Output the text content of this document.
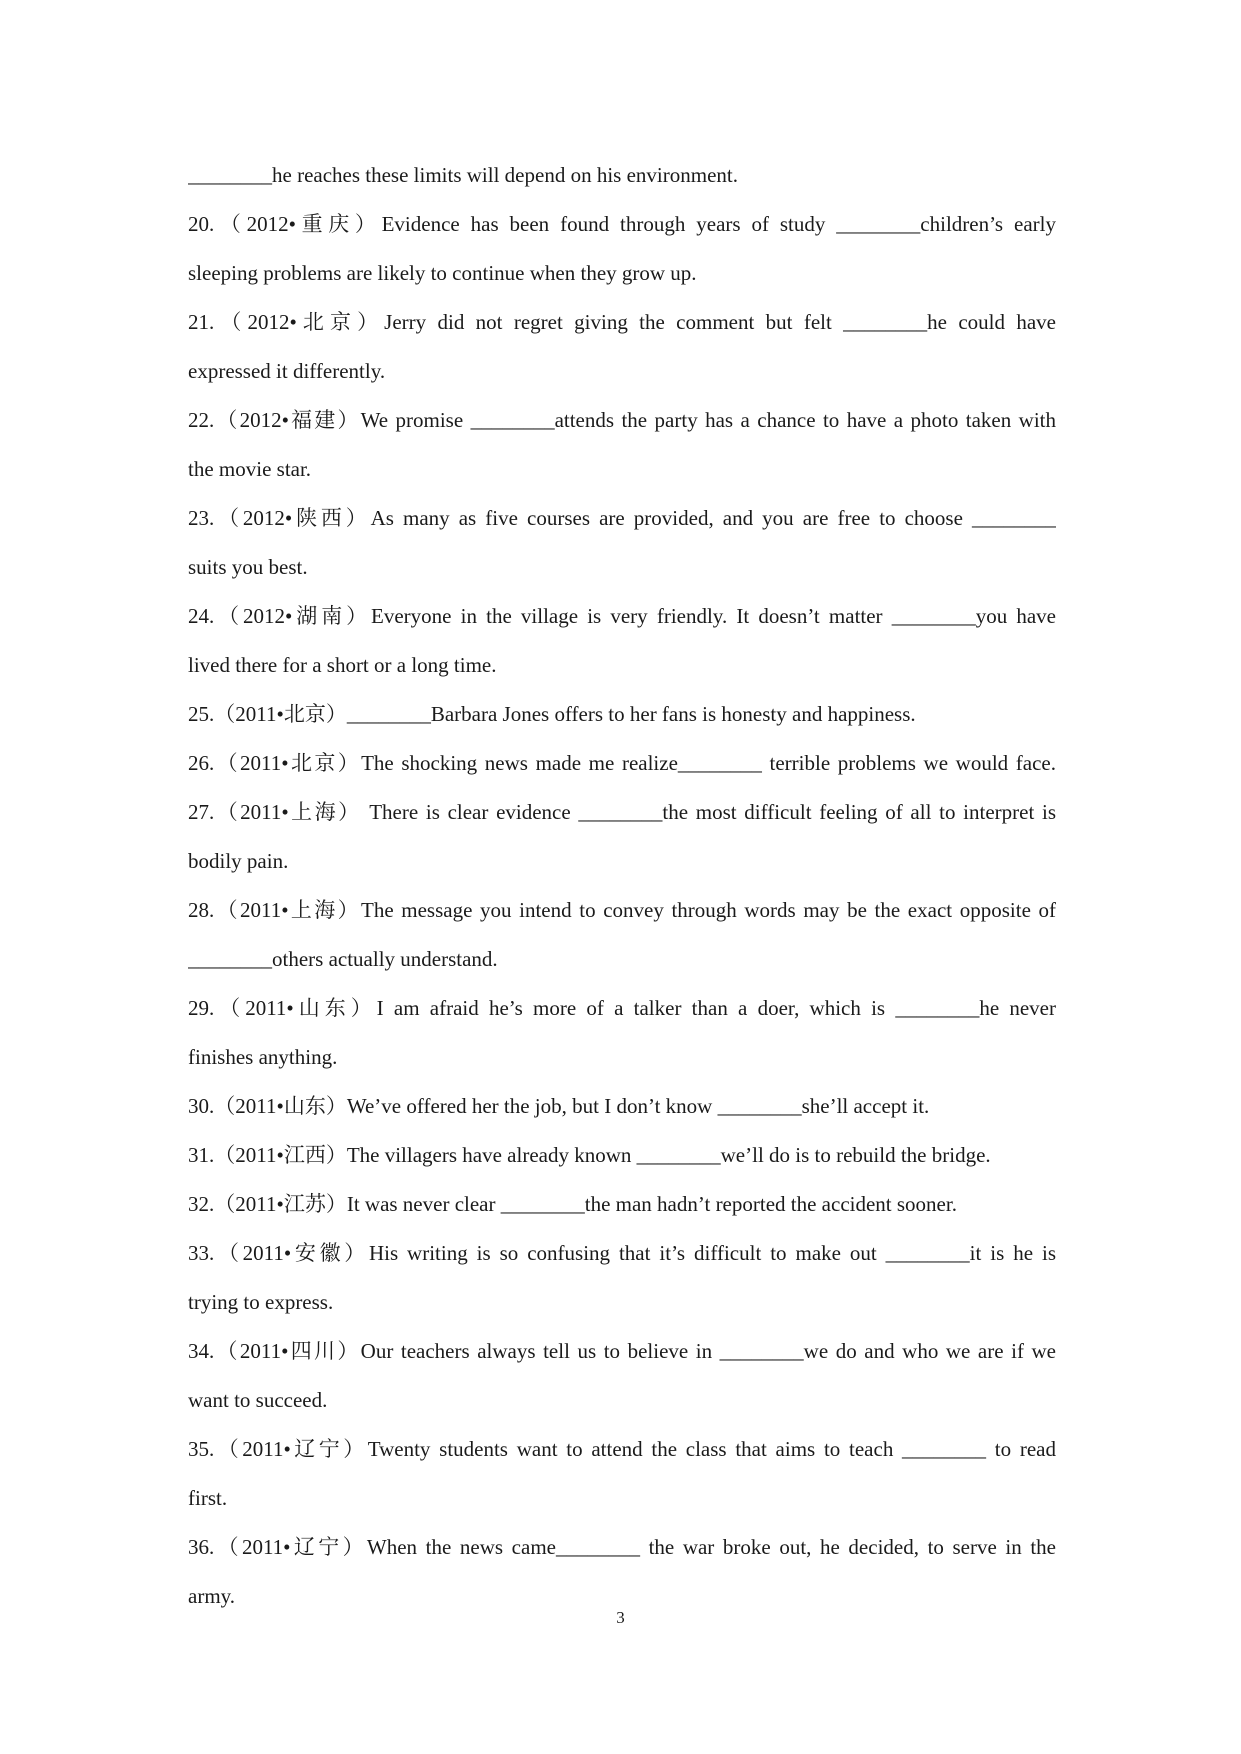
________he reaches these limits will depend on his environment.
20.（2012•重庆）Evidence has been found through years of study ________children’s early
sleeping problems are likely to continue when they grow up.
21.（2012•北京）Jerry did not regret giving the comment but felt ________he could have
expressed it differently.
22.（2012•福建）We promise ________attends the party has a chance to have a photo taken with
the movie star.
23.（2012•陕西）As many as five courses are provided, and you are free to choose ________
suits you best.
24.（2012•湖南）Everyone in the village is very friendly. It doesn’t matter ________you have
lived there for a short or a long time.
25.（2011•北京）________Barbara Jones offers to her fans is honesty and happiness.
26.（2011•北京）The shocking news made me realize________ terrible problems we would face.
27.（2011•上海） There is clear evidence ________the most difficult feeling of all to interpret is
bodily pain.
28.（2011•上海）The message you intend to convey through words may be the exact opposite of
________others actually understand.
29.（2011•山东）I am afraid he’s more of a talker than a doer, which is ________he never
finishes anything.
30.（2011•山东）We’ve offered her the job, but I don’t know ________she’ll accept it.
31.（2011•江西）The villagers have already known ________we’ll do is to rebuild the bridge.
32.（2011•江苏）It was never clear ________the man hadn’t reported the accident sooner.
33.（2011•安徽）His writing is so confusing that it’s difficult to make out ________it is he is
trying to express.
34.（2011•四川）Our teachers always tell us to believe in ________we do and who we are if we
want to succeed.
35.（2011•辽宁）Twenty students want to attend the class that aims to teach ________ to read
first.
36.（2011•辽宁）When the news came________ the war broke out, he decided, to serve in the
army.
3
